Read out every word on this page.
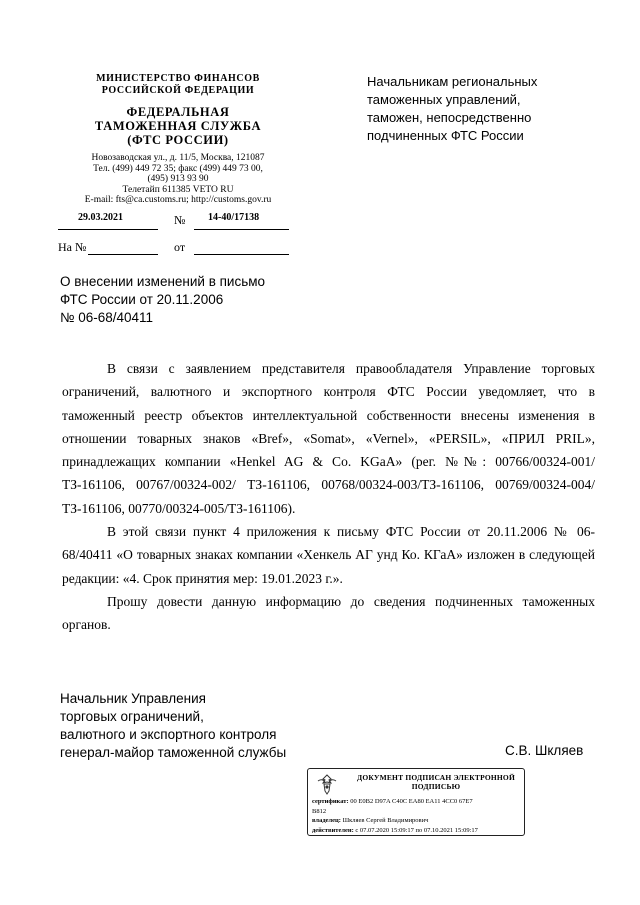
МИНИСТЕРСТВО ФИНАНСОВ
РОССИЙСКОЙ ФЕДЕРАЦИИ
ФЕДЕРАЛЬНАЯ
ТАМОЖЕННАЯ СЛУЖБА
(ФТС РОССИИ)
Новозаводская ул., д. 11/5, Москва, 121087
Тел. (499) 449 72 35; факс (499) 449 73 00,
(495) 913 93 90
Телетайп 611385 VETO RU
E-mail: fts@ca.customs.ru; http://customs.gov.ru
29.03.2021	№ 14-40/17138
На №	от
Начальникам региональных
таможенных управлений,
таможен, непосредственно
подчиненных ФТС России
О внесении изменений в письмо
ФТС России от 20.11.2006
№ 06-68/40411

В связи с заявлением представителя правообладателя Управление торговых ограничений, валютного и экспортного контроля ФТС России уведомляет, что в таможенный реестр объектов интеллектуальной собственности внесены изменения в отношении товарных знаков «Bref», «Somat», «Vernel», «PERSIL», «ПРИЛ PRIL», принадлежащих компании «Henkel AG & Co. KGaA» (рег. №№: 00766/00324-001/ ТЗ-161106, 00767/00324-002/ ТЗ-161106, 00768/00324-003/ТЗ-161106, 00769/00324-004/ТЗ-161106, 00770/00324-005/ТЗ-161106).

В этой связи пункт 4 приложения к письму ФТС России от 20.11.2006 № 06-68/40411 «О товарных знаках компании «Хенкель АГ унд Ко. КГаА» изложен в следующей редакции: «4. Срок принятия мер: 19.01.2023 г.».

Прошу довести данную информацию до сведения подчиненных таможенных органов.

Начальник Управления
торговых ограничений,
валютного и экспортного контроля
генерал-майор таможенной службы	С.В. Шкляев
ДОКУМЕНТ ПОДПИСАН ЭЛЕКТРОННОЙ
ПОДПИСЬЮ
сертификат: 00 E0B2 D97A C40C EA80 EA11 4CC0 67E7
B812
владелец: Шкляев Сергей Владимирович
действителен: с 07.07.2020 15:09:17 по 07.10.2021 15:09:17
